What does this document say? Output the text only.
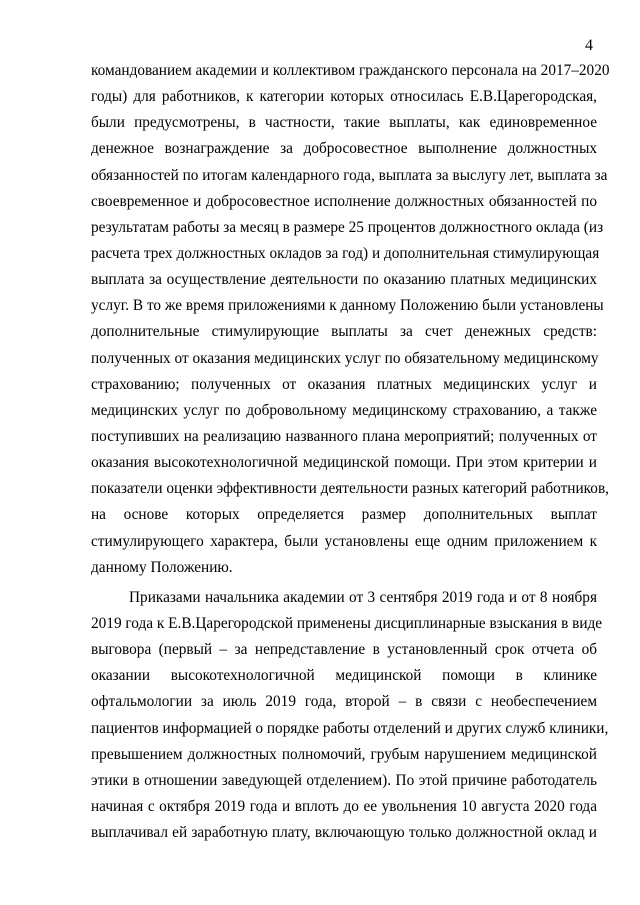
4
командованием академии и коллективом гражданского персонала на 2017–2020
годы) для работников, к категории которых относилась Е.В.Царегородская,
были предусмотрены, в частности, такие выплаты, как единовременное
денежное вознаграждение за добросовестное выполнение должностных
обязанностей по итогам календарного года, выплата за выслугу лет, выплата за
своевременное и добросовестное исполнение должностных обязанностей по
результатам работы за месяц в размере 25 процентов должностного оклада (из
расчета трех должностных окладов за год) и дополнительная стимулирующая
выплата за осуществление деятельности по оказанию платных медицинских
услуг. В то же время приложениями к данному Положению были установлены
дополнительные стимулирующие выплаты за счет денежных средств:
полученных от оказания медицинских услуг по обязательному медицинскому
страхованию; полученных от оказания платных медицинских услуг и
медицинских услуг по добровольному медицинскому страхованию, а также
поступивших на реализацию названного плана мероприятий; полученных от
оказания высокотехнологичной медицинской помощи. При этом критерии и
показатели оценки эффективности деятельности разных категорий работников,
на основе которых определяется размер дополнительных выплат
стимулирующего характера, были установлены еще одним приложением к
данному Положению.
Приказами начальника академии от 3 сентября 2019 года и от 8 ноября
2019 года к Е.В.Царегородской применены дисциплинарные взыскания в виде
выговора (первый – за непредставление в установленный срок отчета об
оказании высокотехнологичной медицинской помощи в клинике
офтальмологии за июль 2019 года, второй – в связи с необеспечением
пациентов информацией о порядке работы отделений и других служб клиники,
превышением должностных полномочий, грубым нарушением медицинской
этики в отношении заведующей отделением). По этой причине работодатель
начиная с октября 2019 года и вплоть до ее увольнения 10 августа 2020 года
выплачивал ей заработную плату, включающую только должностной оклад и
